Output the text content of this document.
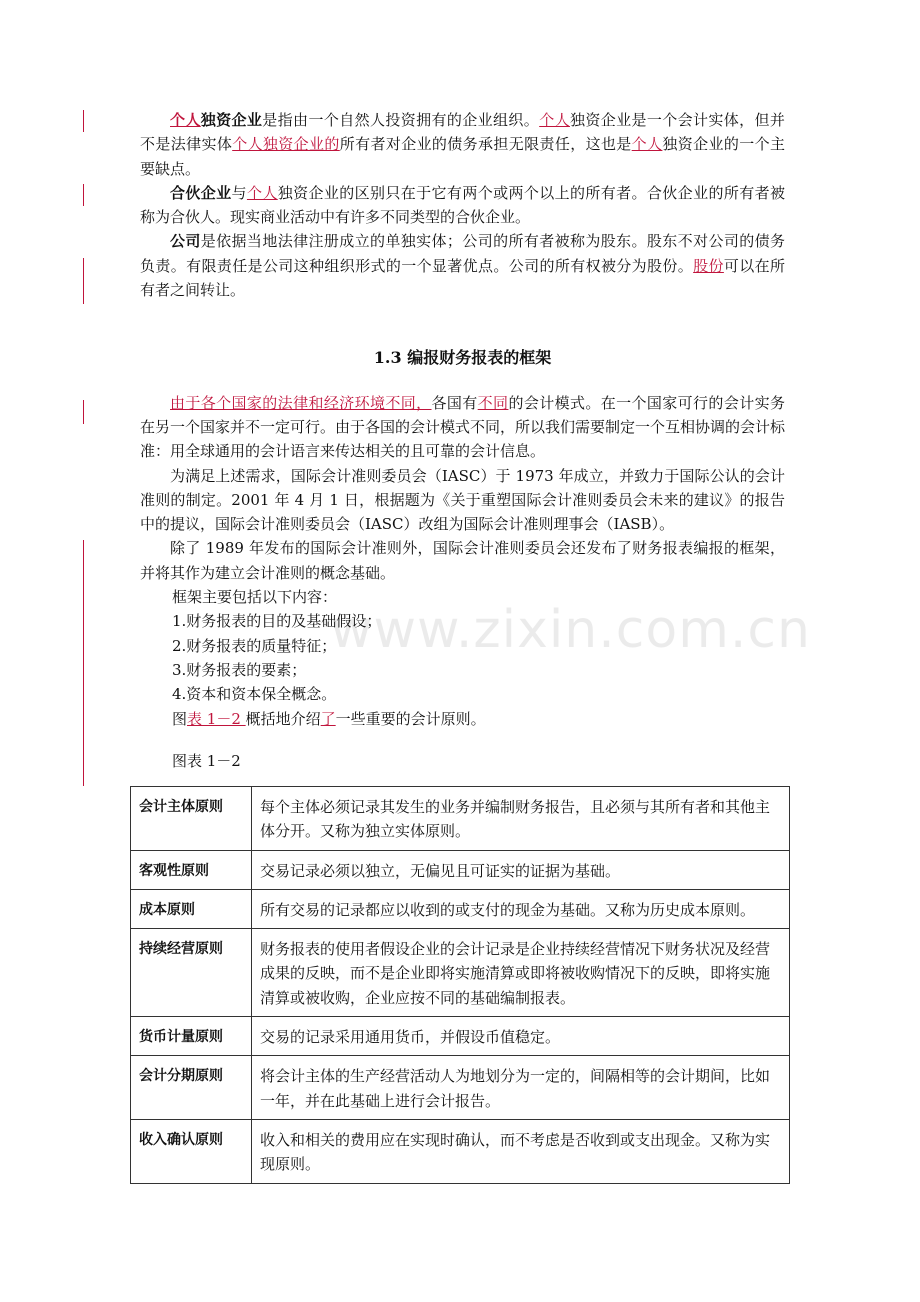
www.zixin.com.cn

个人独资企业是指由一个自然人投资拥有的企业组织。个人独资企业是一个会计实体，但并不是法律实体个人独资企业的所有者对企业的债务承担无限责任，这也是个人独资企业的一个主要缺点。

合伙企业与个人独资企业的区别只在于它有两个或两个以上的所有者。合伙企业的所有者被称为合伙人。现实商业活动中有许多不同类型的合伙企业。

公司是依据当地法律注册成立的单独实体；公司的所有者被称为股东。股东不对公司的债务负责。有限责任是公司这种组织形式的一个显著优点。公司的所有权被分为股份。股份可以在所有者之间转让。

1.3 编报财务报表的框架

由于各个国家的法律和经济环境不同，各国有不同的会计模式。在一个国家可行的会计实务在另一个国家并不一定可行。由于各国的会计模式不同，所以我们需要制定一个互相协调的会计标准：用全球通用的会计语言来传达相关的且可靠的会计信息。

为满足上述需求，国际会计准则委员会（IASC）于 1973 年成立，并致力于国际公认的会计准则的制定。2001 年 4 月 1 日，根据题为《关于重塑国际会计准则委员会未来的建议》的报告中的提议，国际会计准则委员会（IASC）改组为国际会计准则理事会（IASB）。

除了 1989 年发布的国际会计准则外，国际会计准则委员会还发布了财务报表编报的框架，并将其作为建立会计准则的概念基础。

框架主要包括以下内容：

1.财务报表的目的及基础假设；

2.财务报表的质量特征；

3.财务报表的要素；

4.资本和资本保全概念。

图表 1－2 概括地介绍了一些重要的会计原则。

图表 1－2

会计主体原则	每个主体必须记录其发生的业务并编制财务报告，且必须与其所有者和其他主体分开。又称为独立实体原则。
客观性原则	交易记录必须以独立，无偏见且可证实的证据为基础。
成本原则	所有交易的记录都应以收到的或支付的现金为基础。又称为历史成本原则。
持续经营原则	财务报表的使用者假设企业的会计记录是企业持续经营情况下财务状况及经营成果的反映，而不是企业即将实施清算或即将被收购情况下的反映，即将实施清算或被收购，企业应按不同的基础编制报表。
货币计量原则	交易的记录采用通用货币，并假设币值稳定。
会计分期原则	将会计主体的生产经营活动人为地划分为一定的，间隔相等的会计期间，比如一年，并在此基础上进行会计报告。
收入确认原则	收入和相关的费用应在实现时确认，而不考虑是否收到或支出现金。又称为实现原则。
